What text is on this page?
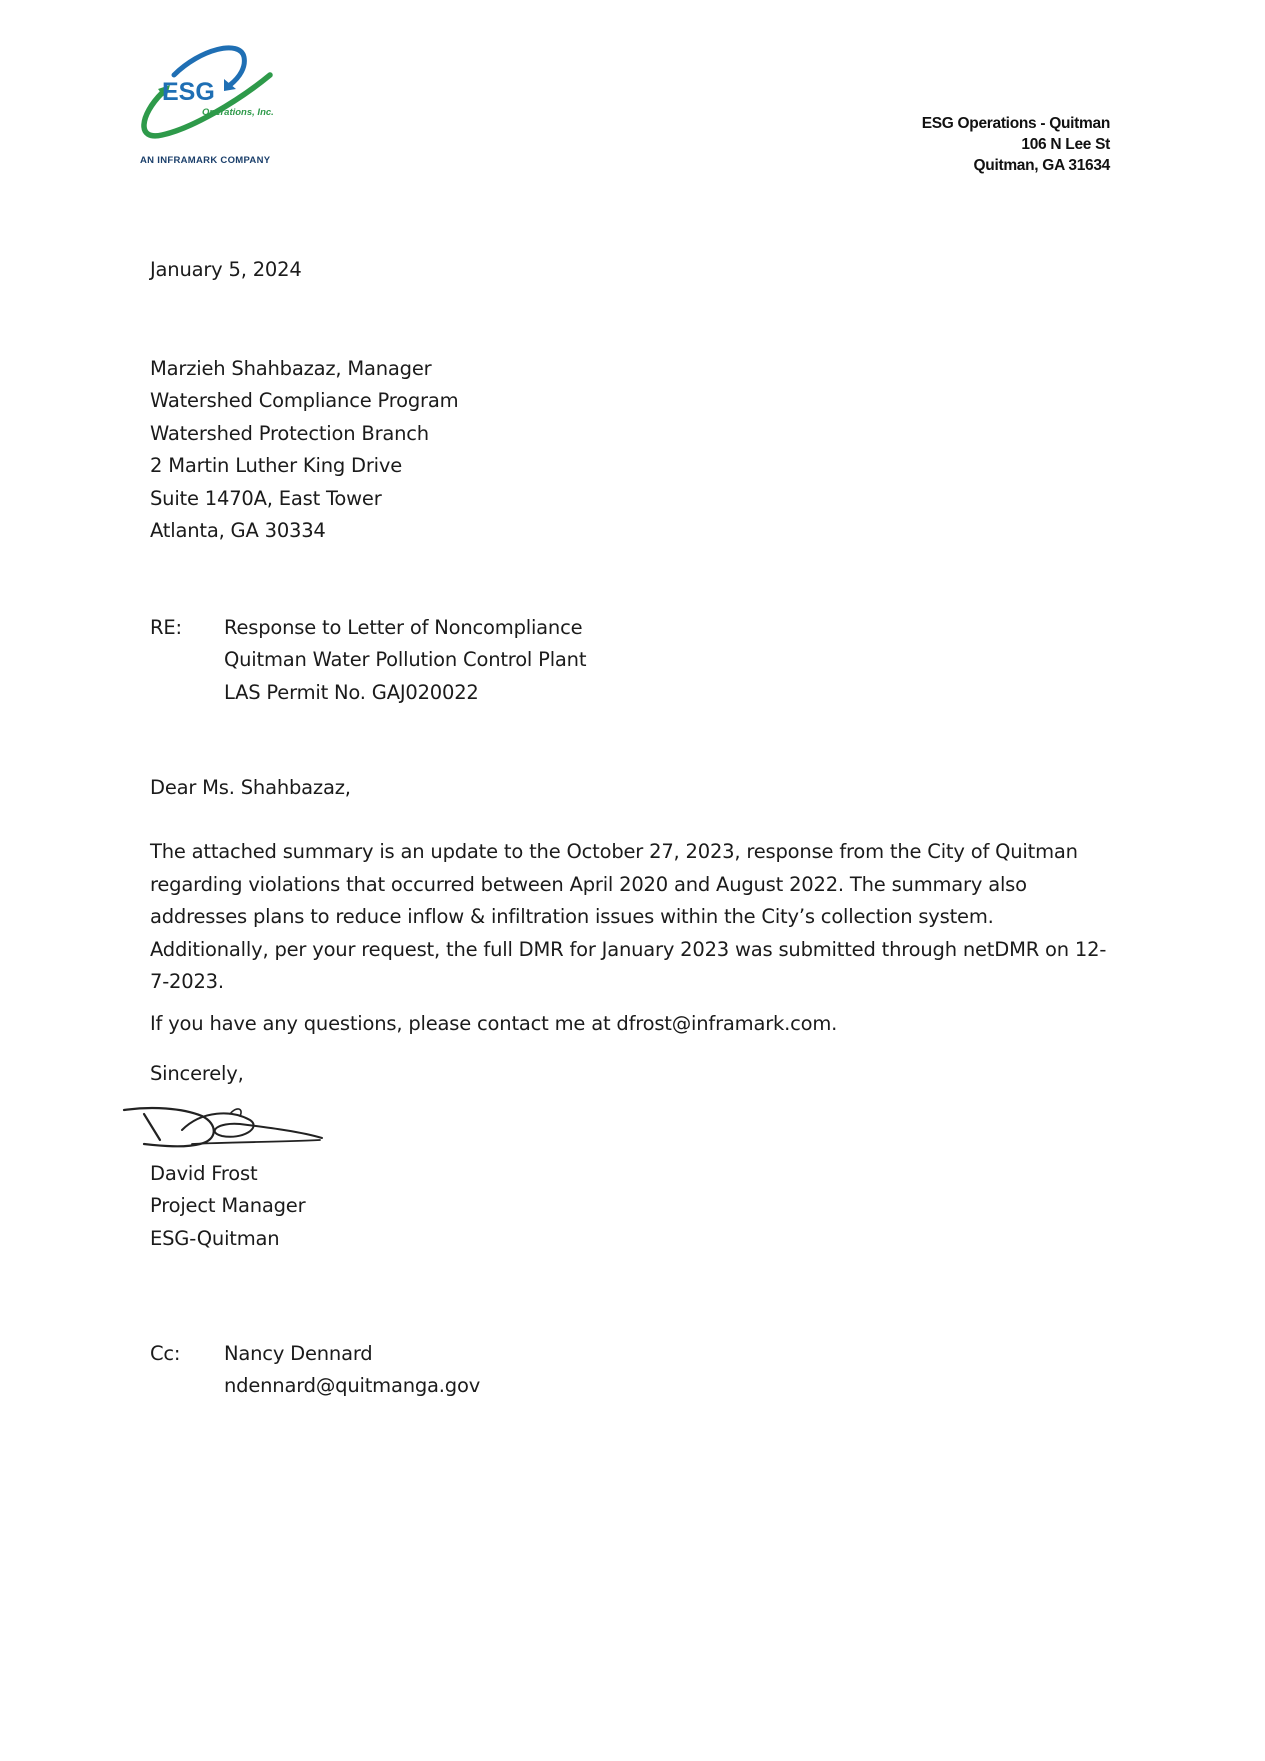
ESG
Operations, Inc.
AN INFRAMARK COMPANY
ESG Operations - Quitman
106 N Lee St
Quitman, GA 31634
January 5, 2024
Marzieh Shahbazaz, Manager
Watershed Compliance Program
Watershed Protection Branch
2 Martin Luther King Drive
Suite 1470A, East Tower
Atlanta, GA 30334
RE: Response to Letter of Noncompliance
Quitman Water Pollution Control Plant
LAS Permit No. GAJ020022
Dear Ms. Shahbazaz,
The attached summary is an update to the October 27, 2023, response from the City of Quitman regarding violations that occurred between April 2020 and August 2022. The summary also addresses plans to reduce inflow & infiltration issues within the City’s collection system. Additionally, per your request, the full DMR for January 2023 was submitted through netDMR on 12-7-2023.
If you have any questions, please contact me at dfrost@inframark.com.
Sincerely,
David Frost
Project Manager
ESG-Quitman
Cc: Nancy Dennard
ndennard@quitmanga.gov
